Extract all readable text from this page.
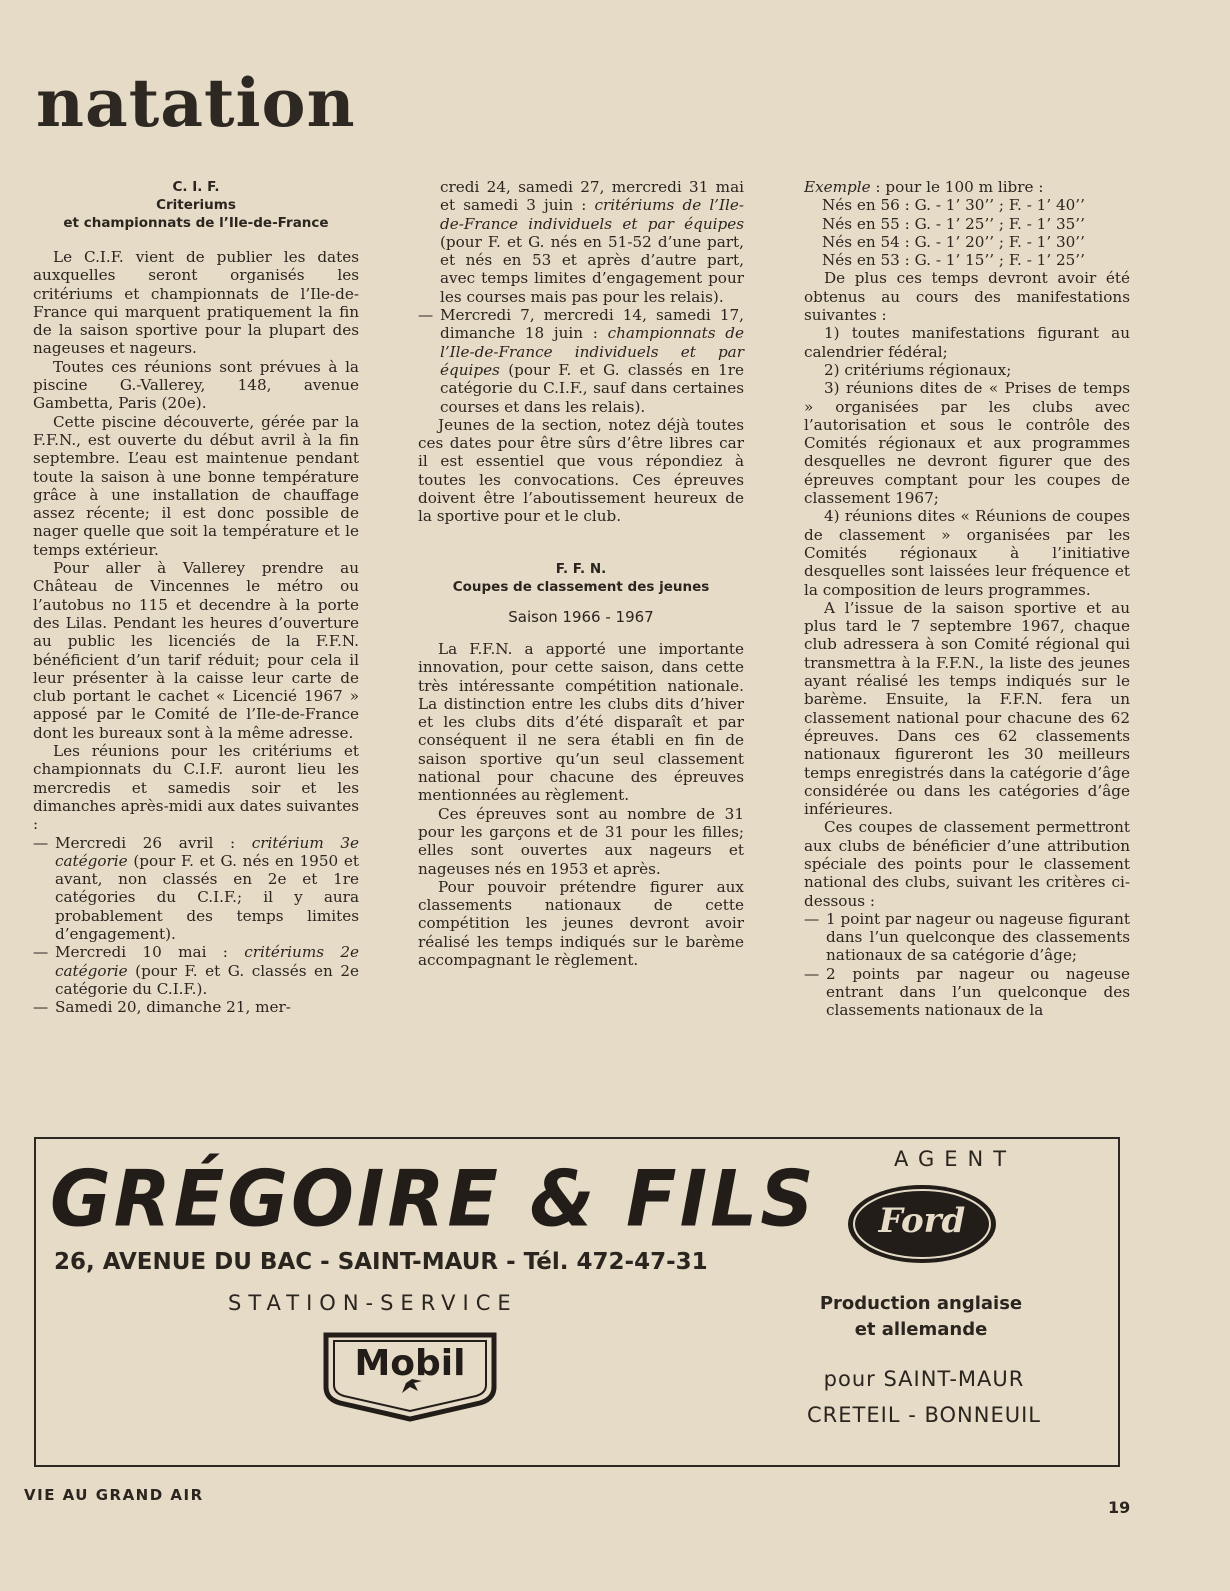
natation
C. I. F.
Criteriums
et championnats de l’Ile-de-France

Le C.I.F. vient de publier les dates auxquelles seront organisés les critériums et championnats de l’Ile-de-France qui marquent pratiquement la fin de la saison sportive pour la plupart des nageuses et nageurs.

Toutes ces réunions sont prévues à la piscine G.-Vallerey, 148, avenue Gambetta, Paris (20e).

Cette piscine découverte, gérée par la F.F.N., est ouverte du début avril à la fin septembre. L’eau est maintenue pendant toute la saison à une bonne température grâce à une installation de chauffage assez récente; il est donc possible de nager quelle que soit la température et le temps extérieur.

Pour aller à Vallerey prendre au Château de Vincennes le métro ou l’autobus no 115 et decendre à la porte des Lilas. Pendant les heures d’ouverture au public les licenciés de la F.F.N. bénéficient d’un tarif réduit; pour cela il leur présenter à la caisse leur carte de club portant le cachet « Licencié 1967 » apposé par le Comité de l’Ile-de-France dont les bureaux sont à la même adresse.

Les réunions pour les critériums et championnats du C.I.F. auront lieu les mercredis et samedis soir et les dimanches après-midi aux dates suivantes :

— Mercredi 26 avril : critérium 3e catégorie (pour F. et G. nés en 1950 et avant, non classés en 2e et 1re catégories du C.I.F.; il y aura probablement des temps limites d’engagement).

— Mercredi 10 mai : critériums 2e catégorie (pour F. et G. classés en 2e catégorie du C.I.F.).

— Samedi 20, dimanche 21, mer-

credi 24, samedi 27, mercredi 31 mai et samedi 3 juin : critériums de l’Ile-de-France individuels et par équipes (pour F. et G. nés en 51-52 d’une part, et nés en 53 et après d’autre part, avec temps limites d’engagement pour les courses mais pas pour les relais).

— Mercredi 7, mercredi 14, samedi 17, dimanche 18 juin : championnats de l’Ile-de-France individuels et par équipes (pour F. et G. classés en 1re catégorie du C.I.F., sauf dans certaines courses et dans les relais).

Jeunes de la section, notez déjà toutes ces dates pour être sûrs d’être libres car il est essentiel que vous répondiez à toutes les convocations. Ces épreuves doivent être l’aboutissement heureux de la sportive pour et le club.

F. F. N.
Coupes de classement des jeunes
Saison 1966 - 1967

La F.F.N. a apporté une importante innovation, pour cette saison, dans cette très intéressante compétition nationale. La distinction entre les clubs dits d’hiver et les clubs dits d’été disparaît et par conséquent il ne sera établi en fin de saison sportive qu’un seul classement national pour chacune des épreuves mentionnées au règlement.

Ces épreuves sont au nombre de 31 pour les garçons et de 31 pour les filles; elles sont ouvertes aux nageurs et nageuses nés en 1953 et après.

Pour pouvoir prétendre figurer aux classements nationaux de cette compétition les jeunes devront avoir réalisé les temps indiqués sur le barème accompagnant le règlement.

Exemple : pour le 100 m libre :

Nés en 56 : G. - 1’ 30’’ ; F. - 1’ 40’’

Nés en 55 : G. - 1’ 25’’ ; F. - 1’ 35’’

Nés en 54 : G. - 1’ 20’’ ; F. - 1’ 30’’

Nés en 53 : G. - 1’ 15’’ ; F. - 1’ 25’’

De plus ces temps devront avoir été obtenus au cours des manifestations suivantes :

1) toutes manifestations figurant au calendrier fédéral;

2) critériums régionaux;

3) réunions dites de « Prises de temps » organisées par les clubs avec l’autorisation et sous le contrôle des Comités régionaux et aux programmes desquelles ne devront figurer que des épreuves comptant pour les coupes de classement 1967;

4) réunions dites « Réunions de coupes de classement » organisées par les Comités régionaux à l’initiative desquelles sont laissées leur fréquence et la composition de leurs programmes.

A l’issue de la saison sportive et au plus tard le 7 septembre 1967, chaque club adressera à son Comité régional qui transmettra à la F.F.N., la liste des jeunes ayant réalisé les temps indiqués sur le barème. Ensuite, la F.F.N. fera un classement national pour chacune des 62 épreuves. Dans ces 62 classements nationaux figureront les 30 meilleurs temps enregistrés dans la catégorie d’âge considérée ou dans les catégories d’âge inférieures.

Ces coupes de classement permettront aux clubs de bénéficier d’une attribution spéciale des points pour le classement national des clubs, suivant les critères ci-dessous :

— 1 point par nageur ou nageuse figurant dans l’un quelconque des classements nationaux de sa catégorie d’âge;

— 2 points par nageur ou nageuse entrant dans l’un quelconque des classements nationaux de la

GRÉGOIRE & FILS
26, AVENUE DU BAC - SAINT-MAUR - Tél. 472-47-31
STATION-SERVICE
Mobil
AGENT
Ford
Production anglaise
et allemande
pour SAINT-MAUR
CRETEIL - BONNEUIL
VIE AU GRAND AIR
19
